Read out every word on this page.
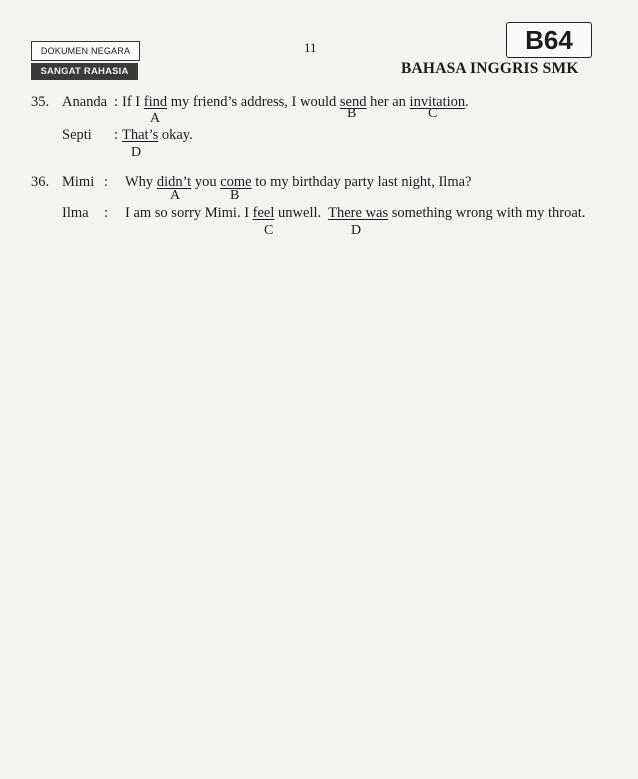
DOKUMEN NEGARA
SANGAT RAHASIA
11	B64
BAHASA INGGRIS SMK
35. Ananda : If I find my friend’s address, I would send her an invitation.
A	B	C
Septi : That’s okay.
D
36. Mimi : Why didn’t you come to my birthday party last night, Ilma?
A	B
Ilma : I am so sorry Mimi. I feel unwell.  There was something wrong with my throat.
C	D
